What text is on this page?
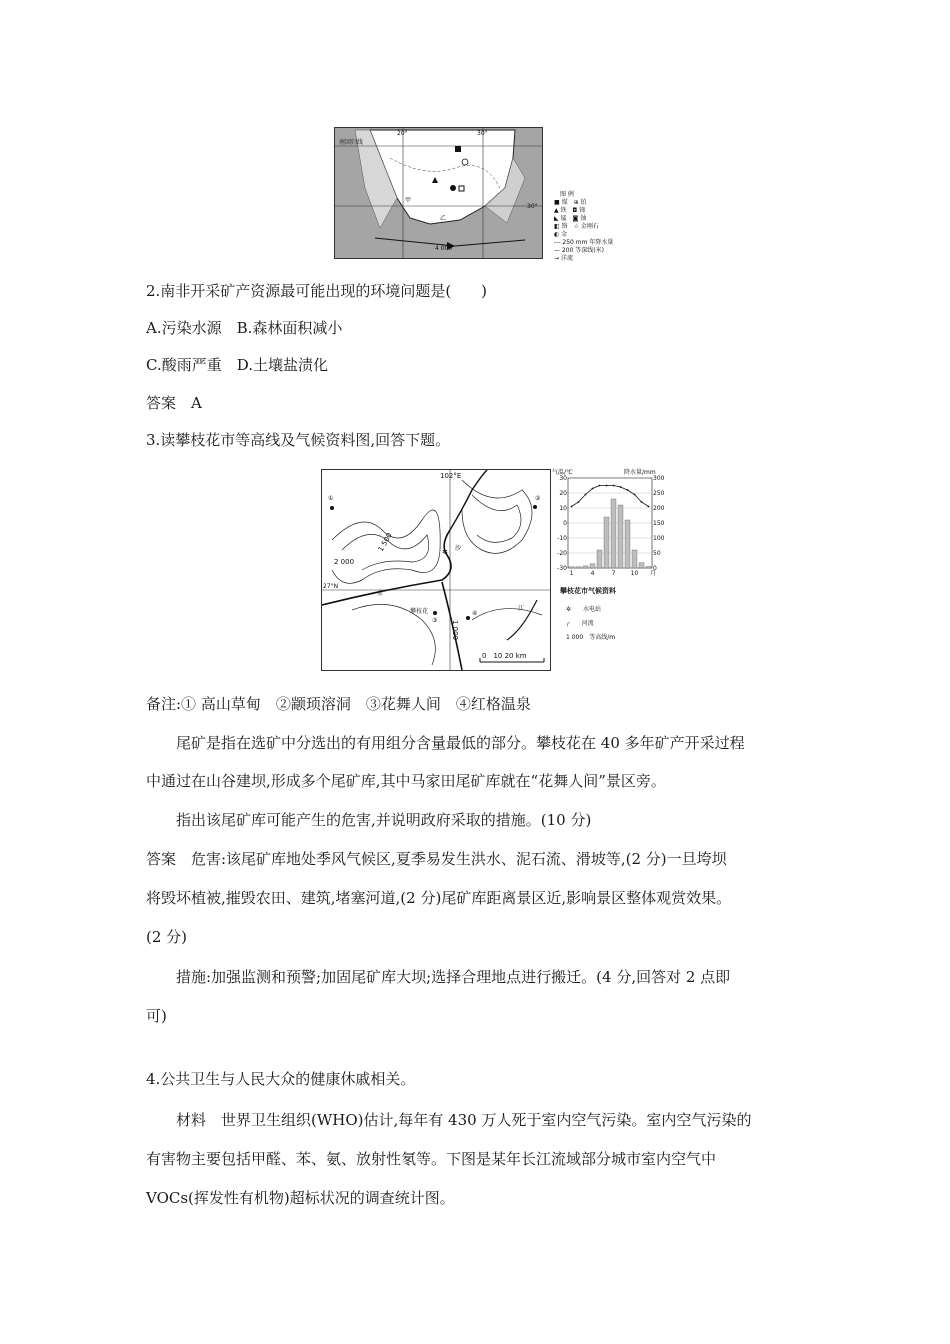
20°	30°
30°
南回归线
甲
乙
4 000
图 例
■ 煤　⊕ 铂
▲ 铁　◘ 锑
◣ 锰　◙ 铀
◧ 铬　☆ 金刚石
◐ 金
--- 250 mm 年降水量
— 200 等深线(米)
→ 洋流
2.南非开采矿产资源最可能出现的环境问题是(　　)
A.污染水源　B.森林面积减小
C.酸雨严重　D.土壤盐渍化
答案　A
3.读攀枝花市等高线及气候资料图,回答下题。
102°E
27°N
1 500
2 000
1 000
攀枝花
金
沙
江
①	②
③
④
✲
0　10 20 km
气温/℃	降水量/mm
30	300
20	250
10	200
0	150
-10	100
-20	50
-30	0
1	4	7	10 月
攀枝花市气候资料
✲　　 水电站
╭　　 河流
1 000　 等高线/m
备注:① 高山草甸　②颛顼溶洞　③花舞人间　④红格温泉
尾矿是指在选矿中分选出的有用组分含量最低的部分。攀枝花在 40 多年矿产开采过程
中通过在山谷建坝,形成多个尾矿库,其中马家田尾矿库就在“花舞人间”景区旁。
指出该尾矿库可能产生的危害,并说明政府采取的措施。(10 分)
答案　危害:该尾矿库地处季风气候区,夏季易发生洪水、泥石流、滑坡等,(2 分)一旦垮坝
将毁坏植被,摧毁农田、建筑,堵塞河道,(2 分)尾矿库距离景区近,影响景区整体观赏效果。
(2 分)
措施:加强监测和预警;加固尾矿库大坝;选择合理地点进行搬迁。(4 分,回答对 2 点即
可)
4.公共卫生与人民大众的健康休戚相关。
材料　世界卫生组织(WHO)估计,每年有 430 万人死于室内空气污染。室内空气污染的
有害物主要包括甲醛、苯、氨、放射性氡等。下图是某年长江流域部分城市室内空气中
VOCs(挥发性有机物)超标状况的调查统计图。
